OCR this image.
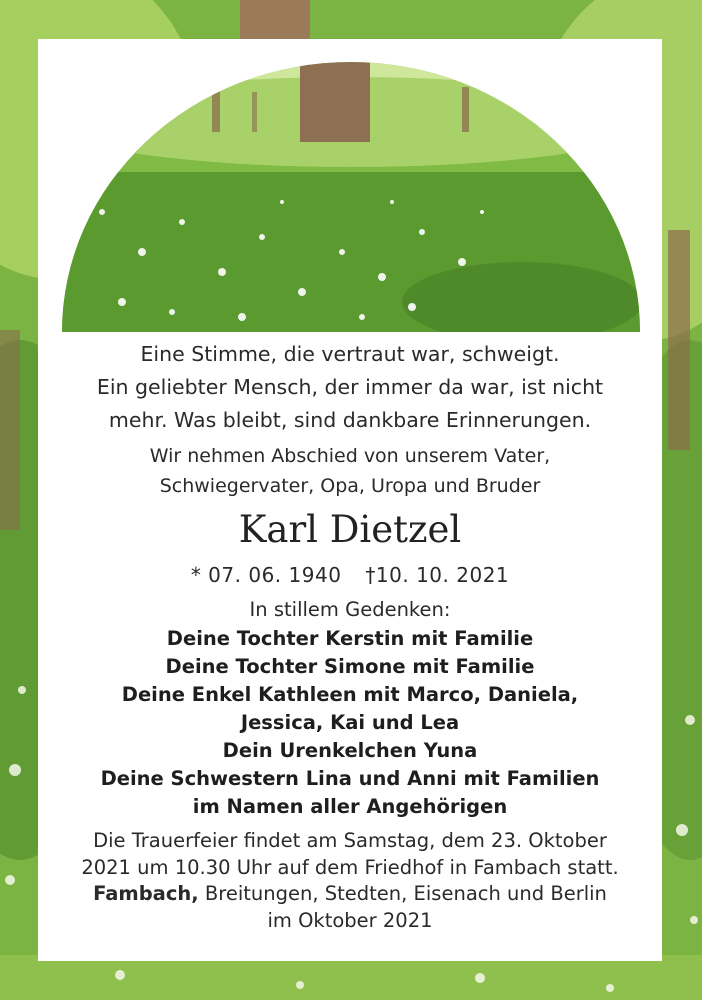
Eine Stimme, die vertraut war, schweigt.
Ein geliebter Mensch, der immer da war, ist nicht
mehr. Was bleibt, sind dankbare Erinnerungen.
Wir nehmen Abschied von unserem Vater,
Schwiegervater, Opa, Uropa und Bruder
Karl Dietzel
* 07. 06. 1940 †10. 10. 2021
In stillem Gedenken:
Deine Tochter Kerstin mit Familie
Deine Tochter Simone mit Familie
Deine Enkel Kathleen mit Marco, Daniela,
Jessica, Kai und Lea
Dein Urenkelchen Yuna
Deine Schwestern Lina und Anni mit Familien
im Namen aller Angehörigen
Die Trauerfeier findet am Samstag, dem 23. Oktober
2021 um 10.30 Uhr auf dem Friedhof in Fambach statt.
Fambach, Breitungen, Stedten, Eisenach und Berlin
im Oktober 2021
